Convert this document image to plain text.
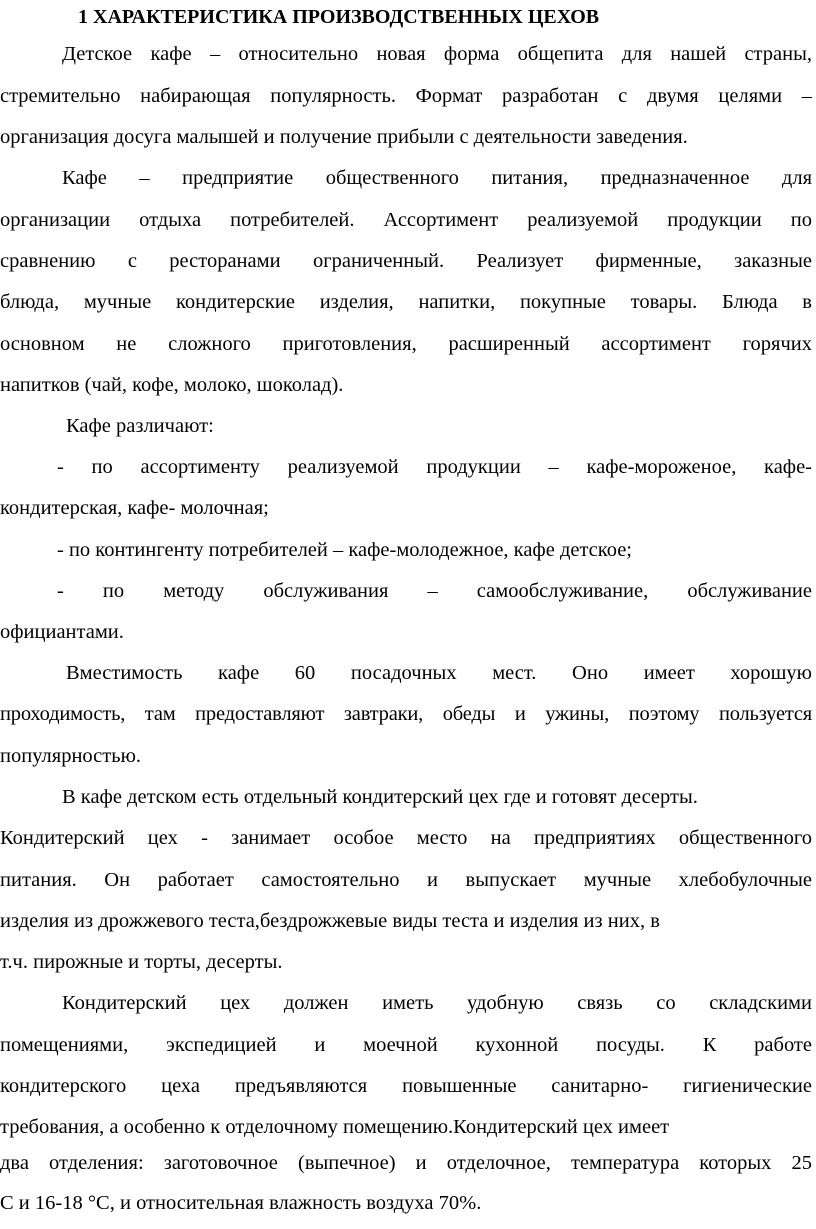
1 ХАРАКТЕРИСТИКА ПРОИЗВОДСТВЕННЫХ ЦЕХОВ
Детское кафе – относительно новая форма общепита для нашей страны,
стремительно набирающая популярность. Формат разработан с двумя целями –
организация досуга малышей и получение прибыли с деятельности заведения.
Кафе – предприятие общественного питания, предназначенное для
организации отдыха потребителей. Ассортимент реализуемой продукции по
сравнению с ресторанами ограниченный. Реализует фирменные, заказные
блюда, мучные кондитерские изделия, напитки, покупные товары. Блюда в
основном не сложного приготовления, расширенный ассортимент горячих
напитков (чай, кофе, молоко, шоколад).
Кафе различают:
- по ассортименту реализуемой продукции – кафе-мороженое, кафе-
кондитерская, кафе- молочная;
- по контингенту потребителей – кафе-молодежное, кафе детское;
- по методу обслуживания – самообслуживание, обслуживание
официантами.
Вместимость кафе 60 посадочных мест. Оно имеет хорошую
проходимость, там предоставляют завтраки, обеды и ужины, поэтому пользуется
популярностью.
В кафе детском есть отдельный кондитерский цех где и готовят десерты.
Кондитерский цех - занимает особое место на предприятиях общественного
питания. Он работает самостоятельно и выпускает мучные хлебобулочные
изделия из дрожжевого теста,бездрожжевые виды теста и изделия из них, в
т.ч. пирожные и торты, десерты.
Кондитерский цех должен иметь удобную связь со складскими
помещениями, экспедицией и моечной кухонной посуды. К работе
кондитерского цеха предъявляются повышенные санитарно- гигиенические
требования, а особенно к отделочному помещению.Кондитерский цех имеет
два отделения: заготовочное (выпечное) и отделочное, температура которых 25
С и 16-18 °С, и относительная влажность воздуха 70%.
